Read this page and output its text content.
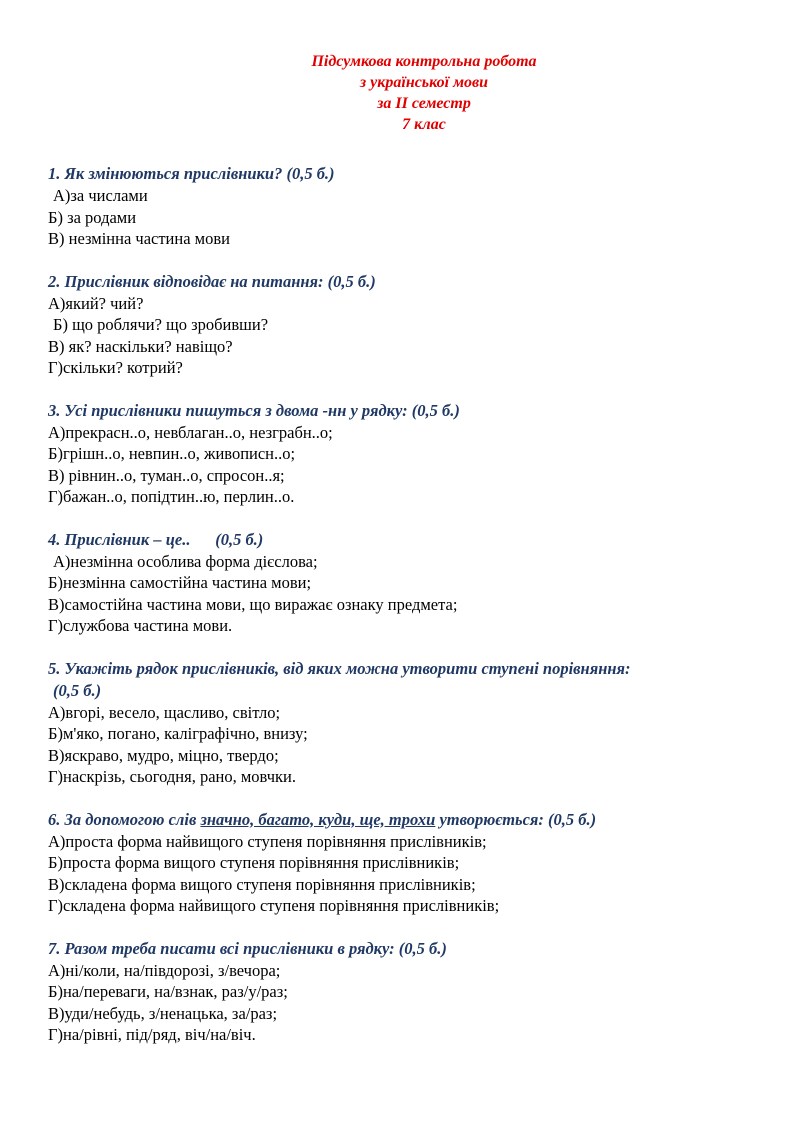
Підсумкова контрольна робота
з української мови
за ІІ семестр
7 клас
1. Як змінюються прислівники? (0,5 б.)
А)за числами
Б) за родами
В) незмінна частина мови
2. Прислівник відповідає на питання: (0,5 б.)
А)який? чий?
Б) що роблячи? що зробивши?
В) як? наскільки? навіщо?
Г)скільки? котрий?
3. Усі прислівники пишуться з двома -нн у рядку: (0,5 б.)
А)прекрасн..о, невблаган..о, незграбн..о;
Б)грішн..о, невпин..о, живописн..о;
В) рівнин..о, туман..о, спросон..я;
Г)бажан..о, попідтин..ю, перлин..о.
4. Прислівник – це..      (0,5 б.)
А)незмінна особлива форма дієслова;
Б)незмінна самостійна частина мови;
В)самостійна частина мови, що виражає ознаку предмета;
Г)службова частина мови.
5. Укажіть рядок прислівників, від яких можна утворити ступені порівняння:
(0,5 б.)
А)вгорі, весело, щасливо, світло;
Б)м'яко, погано, каліграфічно, внизу;
В)яскраво, мудро, міцно, твердо;
Г)наскрізь, сьогодня, рано, мовчки.
6. За допомогою слів значно, багато, куди, ще, трохи утворюється: (0,5 б.)
А)проста форма найвищого ступеня порівняння прислівників;
Б)проста форма вищого ступеня порівняння прислівників;
В)складена форма вищого ступеня порівняння прислівників;
Г)складена форма найвищого ступеня порівняння прислівників;
7. Разом треба писати всі прислівники в рядку: (0,5 б.)
А)ні/коли, на/півдорозі, з/вечора;
Б)на/переваги, на/взнак, раз/у/раз;
В)уди/небудь, з/ненацька, за/раз;
Г)на/рівні, під/ряд, віч/на/віч.
